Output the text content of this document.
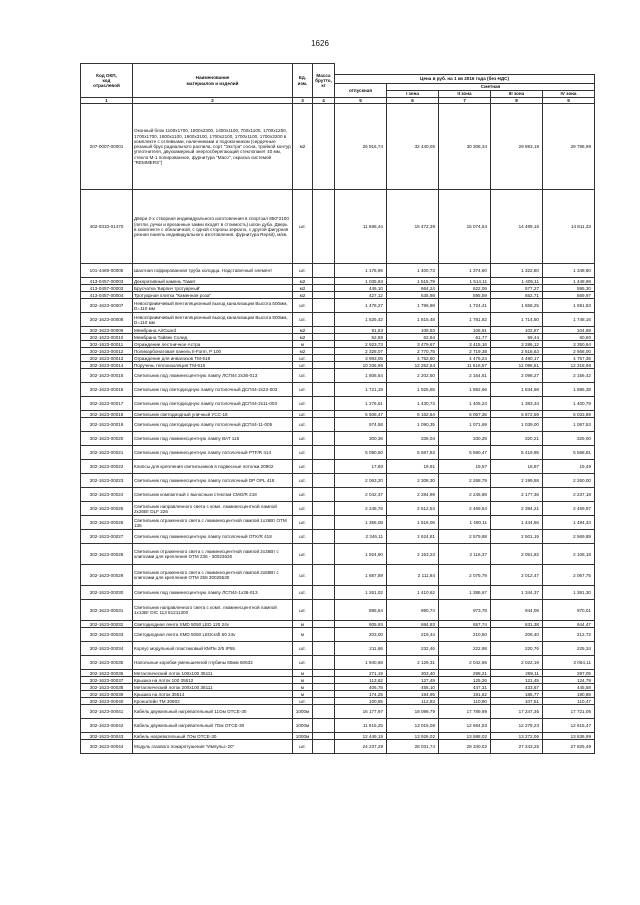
1626
Код ОКП,
код
отраслевой	Наименование
материалов и изделий	Ед.
изм.	Масса
брутто,
кг					
				Цена в руб. на 1 кв 2016 года (без НДС)				
				отпускная	Сметная			
					I зона	II зона	III зона	IV зона
1	2	3	4	5	6	7	8	9
207-0007-00001	Оконный блок 1100x1700, 1800x2300, 1400x1100, 700x1100, 1700x1250, 1700x1700, 1800x1100, 1900x3100, 1700x2100, 1700x1100, 1700x3200 в комплекте с отливками, наличниками и подоконником (сердечные резаный брус радиального распила, сорт "Экстра" сосна, тройной контур уплотнителя, двухкамерный энергосберегающий стеклопакет 40 мм, стекло М-1 полированное, фурнитура "Maco", окраска системой "REMMERS")	м2		26 916,74	32 440,05	30 308,34	29 893,18	29 796,99
402-0310-01470	Двери 2-х створная индивидуального изготовления в спортзал 850*2100 (петли, ручки и врезанные замки входят в стоимость) шпон дуба. Дверь в комплекте с обналичкой, с одной стороны зеркало, с другой фигурная резная панель индивидуального изготовления, фурнитура Repsit), м/кв.	шт.		11 688,44	15 472,39	15 074,54	14 489,16	14 811,33
101-4469-00005	Шахтная гофрированная труба колодца. Надставочный элемент	шт.		1 176,95	1 400,73	1 374,60	1 322,80	1 348,80
413-0457-00003	Декоративный камень Тамит	м2		1 035,63	1 515,79	1 514,11	1 405,11	1 448,98
413-0457-00003	Брусчатка 'Кирпич тротуарный'	м2		446,10	664,24	622,06	577,27	595,30
413-0457-00004	Тротуарная плитка "Каменная роза"	м2		427,12	635,98	595,59	552,71	569,97
302-1623-00007	Невосприимчивый вентиляционный выход канализации Высота 500мм, D=110 мм	шт.		1 478,27	1 796,98	1 724,41	1 658,25	1 691,83
302-1623-00008	Невосприимчивый вентиляционный выход канализации Высота 500мм, D=110 мм	шт.		1 525,42	1 815,48	1 781,82	1 714,50	1 748,16
302-1623-00009	Мембрана AirGuard	м2		91,53	108,93	106,91	102,87	104,89
302-1623-00010	Мембрана Тайвек Солид	м2		52,88	62,94	61,77	59,44	60,60
302-1623-00011	Ограждение лестничное Астра	м		2 923,73	3 479,67	3 415,16	3 286,12	3 350,64
302-1623-00012	Поликарбонатовая панель Il-Form, P 100	м2		2 328,07	2 770,75	2 719,38	2 616,63	2 668,00
302-1623-00013	Ограждение для инвализов ТМ-618	шт.		3 993,05	4 752,60	4 475,24	4 490,17	4 757,36
302-1623-00014	Поручень теплоизоляция ТМ-616	шт.		10 336,96	12 252,64	11 616,57	12 096,61	12 318,96
302-1623-00015	Светильник под люминесцентную лампу ЛСП44 2x36-013	шт.		1 808,64	2 202,50	2 164,61	2 098,27	2 156,42
302-1623-00016	Светильник под светодиодную лампу потолочный ДСП44-2x22-003	шт.		1 721,19	1 925,65	1 892,66	1 834,98	1 885,38
302-1623-00017	Светильник под светодиодную лампу потолочный ДСП44-2x11-003	шт.		1 276,61	1 430,73	1 405,24	1 383,34	1 400,79
302-1623-00018	Светильник светодиодный уличный УСС-18	шт.		5 508,47	6 162,84	6 057,36	5 872,59	6 033,89
302-1623-00019	Светильник под светодиодную лампу потолочный ДСП44-11-005	шт.		974,58	1 090,35	1 071,69	1 039,00	1 067,53
302-1623-00020	Светильник под люминесцентную лампу ВАТ 116	шт.		300,36	336,04	330,28	320,21	329,00
302-1623-00021	Светильник под люминесцентную лампу потолочный PTF/R 414	шт.		5 090,50	5 687,83	5 590,47	5 419,95	5 568,81
302-1623-00022	Клипсы для крепления светильников в подвесные потолки 20802	шт.		17,80	19,91	19,57	18,97	19,49
302-1623-00023	Светильник под люминесцентную лампу потолочный DP OPL 418	шт.		2 063,20	2 308,30	2 268,79	2 199,58	2 260,00
302-1623-00024	Светильник компактный с выносным стеклом CMG/R 218	шт.		2 042,37	2 284,99	2 245,88	2 177,36	2 237,18
302-1623-00025	Светильник направленного света с комп. люминесцентной лампой 2x26Вт DLF 226	шт.		2 245,76	2 512,54	2 469,54	2 394,21	2 459,97
302-1623-00026	Светильник отраженного света с люминесцентной лампой 1x36Вт OTM 136	шт.		1 355,08	1 516,06	1 490,11	1 444,66	1 484,34
302-1623-00027	Светильник под люминесцентную лампу потолочный OTK/R 418	шт.		2 346,11	2 624,81	2 579,88	2 501,19	2 569,89
302-1623-00028	Светильник отраженного света с люминесцентной лампой 2x36Вт с клипсами для крепления OTM 236 - 30023630	шт.		1 924,90	2 153,23	2 116,37	2 051,82	2 108,18
302-1623-00029	Светильник отраженного света с люминесцентной лампой 2x58Вт с клипсами для крепления OTM 258 30025530	шт.		1 887,89	2 111,84	2 075,79	2 012,47	2 067,75
302-1623-00030	Светильник под люминесцентную лампу ЛСП44-1x36-013	шт.		1 261,02	1 410,62	1 386,67	1 344,37	1 381,30
302-1623-00031	Светильник направленного света с комп. люминесцентной лампой 1x13Вт DIC 113 81211300	шт.		885,54	990,74	973,78	944,08	970,01
302-1623-00032	Светодиодная лента SMD 5050 LED 120 24v	м		605,93	684,83	657,74	631,38	644,47
302-1623-00033	Светодиодная лента SMD 5050 LEDcraft 60 24v	м		203,00	219,44	210,50	208,40	212,72
302-1623-00034	Корпус модульный пластиковый КМПн 2/5 IP55	шт.		211,86	232,46	222,98	220,76	225,34
302-1623-00035	Напольные коробки уменьшенной глубины 65мм 80632	шт.		1 940,68	2 129,31	2 042,56	2 022,19	2 064,11
302-1623-00036	Металлический лоток 100x100 35111	м		271,19	303,40	298,21	289,11	297,05
302-1623-00037	Крышка на лоток 100 35512	м		113,62	127,49	125,26	121,45	124,79
302-1623-00038	Металлический лоток 200x100 35111	м		406,78	455,10	447,31	433,67	445,58
302-1623-00039	Крышка на лоток 35514	м		174,25	194,95	191,62	185,77	190,88
302-1623-00040	Кронштейн ТМ 30802	шт.		100,85	112,83	110,90	107,51	110,47
302-1623-00041	Кабель двужильный нагревательный 11Ом ОТСЕ-30	1000м		16 177,97	18 099,79	17 789,99	17 247,35	17 721,06
302-1623-00042	Кабель двужильный нагревательный 7Ом ОТСЕ-30	1000м		11 915,25	13 015,08	12 664,53	12 278,23	12 615,47
302-1623-00043	Кабель нагревательный 7Ом ОТСЕ-30	1000м		12 449,15	13 926,02	13 688,02	13 272,06	13 636,99
302-1623-00044	Модуль газового пожаротушения "Импульс-20"	шт.		24 237,29	28 031,74	28 340,02	27 243,25	27 825,49
